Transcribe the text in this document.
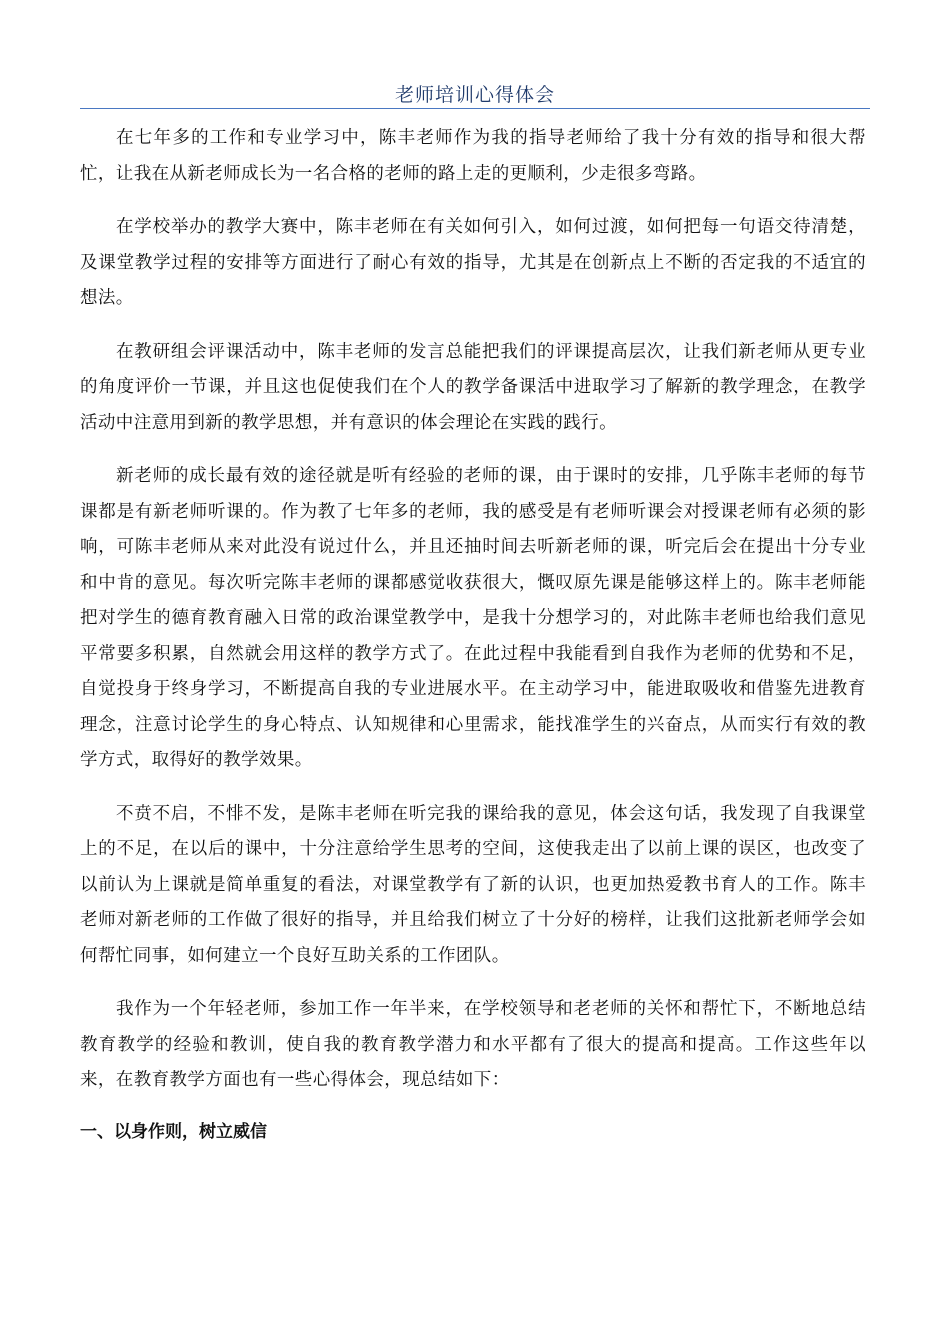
老师培训心得体会

在七年多的工作和专业学习中，陈丰老师作为我的指导老师给了我十分有效的指导和很大帮忙，让我在从新老师成长为一名合格的老师的路上走的更顺利，少走很多弯路。

在学校举办的教学大赛中，陈丰老师在有关如何引入，如何过渡，如何把每一句语交待清楚，及课堂教学过程的安排等方面进行了耐心有效的指导，尤其是在创新点上不断的否定我的不适宜的想法。

在教研组会评课活动中，陈丰老师的发言总能把我们的评课提高层次，让我们新老师从更专业的角度评价一节课，并且这也促使我们在个人的教学备课活中进取学习了解新的教学理念，在教学活动中注意用到新的教学思想，并有意识的体会理论在实践的践行。

新老师的成长最有效的途径就是听有经验的老师的课，由于课时的安排，几乎陈丰老师的每节课都是有新老师听课的。作为教了七年多的老师，我的感受是有老师听课会对授课老师有必须的影响，可陈丰老师从来对此没有说过什么，并且还抽时间去听新老师的课，听完后会在提出十分专业和中肯的意见。每次听完陈丰老师的课都感觉收获很大，慨叹原先课是能够这样上的。陈丰老师能把对学生的德育教育融入日常的政治课堂教学中，是我十分想学习的，对此陈丰老师也给我们意见平常要多积累，自然就会用这样的教学方式了。在此过程中我能看到自我作为老师的优势和不足，自觉投身于终身学习，不断提高自我的专业进展水平。在主动学习中，能进取吸收和借鉴先进教育理念，注意讨论学生的身心特点、认知规律和心里需求，能找准学生的兴奋点，从而实行有效的教学方式，取得好的教学效果。

不贲不启，不悱不发，是陈丰老师在听完我的课给我的意见，体会这句话，我发现了自我课堂上的不足，在以后的课中，十分注意给学生思考的空间，这使我走出了以前上课的误区，也改变了以前认为上课就是简单重复的看法，对课堂教学有了新的认识，也更加热爱教书育人的工作。陈丰老师对新老师的工作做了很好的指导，并且给我们树立了十分好的榜样，让我们这批新老师学会如何帮忙同事，如何建立一个良好互助关系的工作团队。

我作为一个年轻老师，参加工作一年半来，在学校领导和老老师的关怀和帮忙下，不断地总结教育教学的经验和教训，使自我的教育教学潜力和水平都有了很大的提高和提高。工作这些年以来，在教育教学方面也有一些心得体会，现总结如下：

一、以身作则，树立威信
